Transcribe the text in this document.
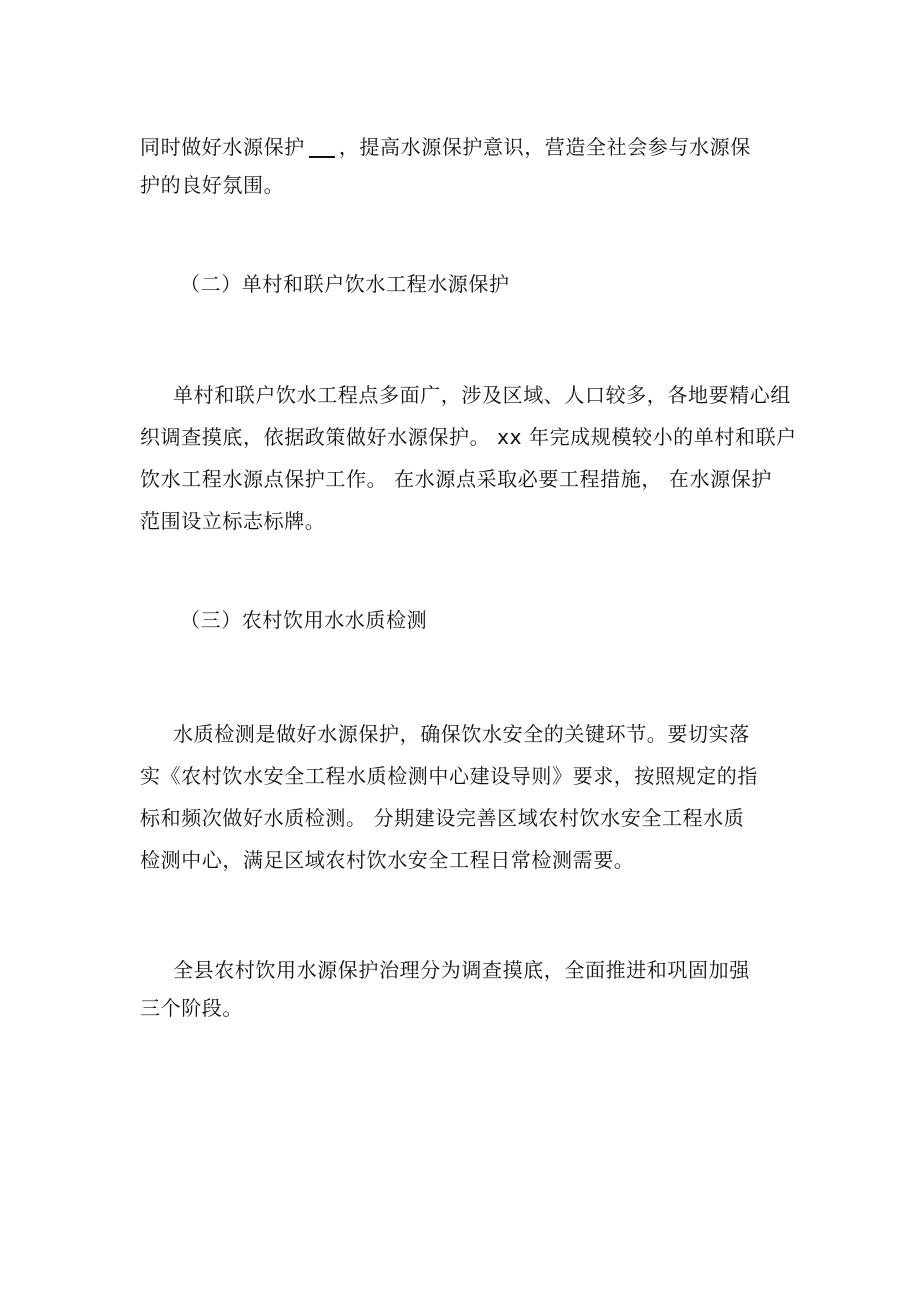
同时做好水源保护 ，提高水源保护意识，营造全社会参与水源保
护的良好氛围。
（二）单村和联户饮水工程水源保护
单村和联户饮水工程点多面广，涉及区域、人口较多，各地要精心组
织调查摸底，依据政策做好水源保护。 xx 年完成规模较小的单村和联户
饮水工程水源点保护工作。 在水源点采取必要工程措施， 在水源保护
范围设立标志标牌。
（三）农村饮用水水质检测
水质检测是做好水源保护，确保饮水安全的关键环节。要切实落
实《农村饮水安全工程水质检测中心建设导则》要求，按照规定的指
标和频次做好水质检测。 分期建设完善区域农村饮水安全工程水质
检测中心，满足区域农村饮水安全工程日常检测需要。
全县农村饮用水源保护治理分为调查摸底，全面推进和巩固加强
三个阶段。
